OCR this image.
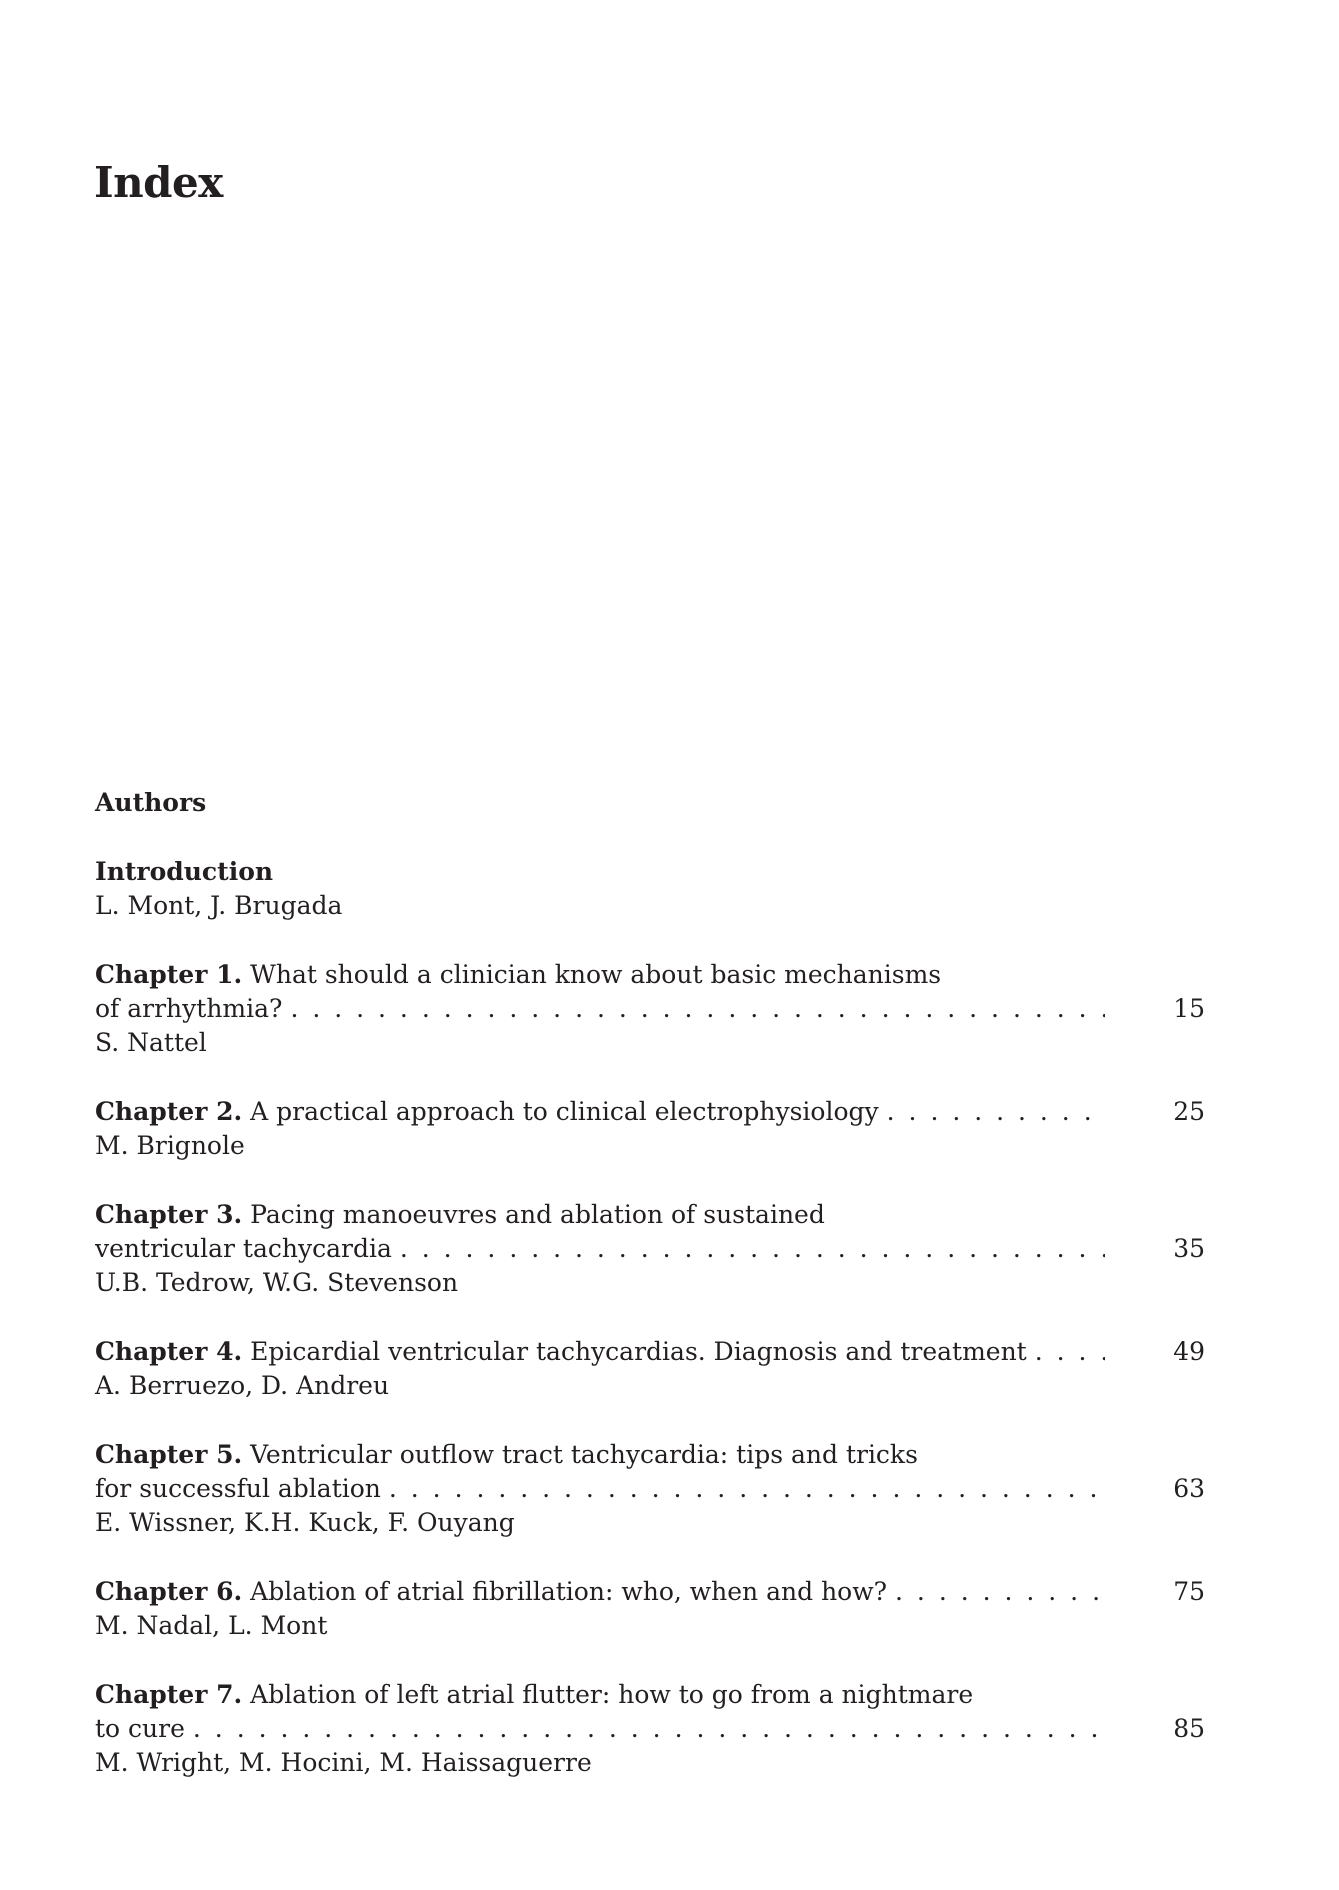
Index
Authors
Introduction
L. Mont, J. Brugada
Chapter 1. What should a clinician know about basic mechanisms
of arrhythmia? . . .	15
S. Nattel
Chapter 2. A practical approach to clinical electrophysiology . . .	25
M. Brignole
Chapter 3. Pacing manoeuvres and ablation of sustained
ventricular tachycardia . . .	35
U.B. Tedrow, W.G. Stevenson
Chapter 4. Epicardial ventricular tachycardias. Diagnosis and treatment . . .	49
A. Berruezo, D. Andreu
Chapter 5. Ventricular outflow tract tachycardia: tips and tricks
for successful ablation . . .	63
E. Wissner, K.H. Kuck, F. Ouyang
Chapter 6. Ablation of atrial fibrillation: who, when and how? . . .	75
M. Nadal, L. Mont
Chapter 7. Ablation of left atrial flutter: how to go from a nightmare
to cure . . .	85
M. Wright, M. Hocini, M. Haissaguerre
